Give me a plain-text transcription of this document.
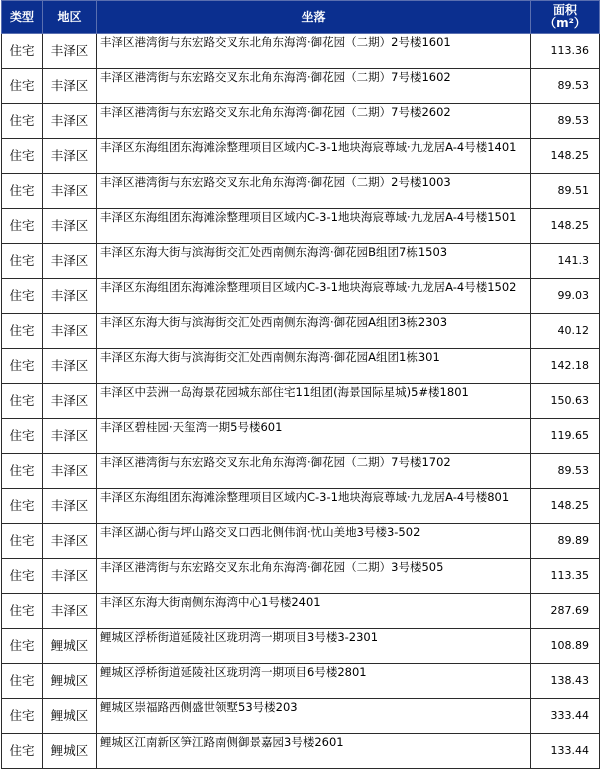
类型	地区	坐落	面积
（m²）

住宅	丰泽区	丰泽区港湾街与东宏路交叉东北角东海湾·御花园（二期）2号楼1601	113.36
住宅	丰泽区	丰泽区港湾街与东宏路交叉东北角东海湾·御花园（二期）7号楼1602	89.53
住宅	丰泽区	丰泽区港湾街与东宏路交叉东北角东海湾·御花园（二期）7号楼2602	89.53
住宅	丰泽区	丰泽区东海组团东海滩涂整理项目区域内C-3-1地块海宸尊域·九龙居A-4号楼1401	148.25
住宅	丰泽区	丰泽区港湾街与东宏路交叉东北角东海湾·御花园（二期）2号楼1003	89.51
住宅	丰泽区	丰泽区东海组团东海滩涂整理项目区域内C-3-1地块海宸尊域·九龙居A-4号楼1501	148.25
住宅	丰泽区	丰泽区东海大街与滨海街交汇处西南侧东海湾·御花园B组团7栋1503	141.3
住宅	丰泽区	丰泽区东海组团东海滩涂整理项目区域内C-3-1地块海宸尊域·九龙居A-4号楼1502	99.03
住宅	丰泽区	丰泽区东海大街与滨海街交汇处西南侧东海湾·御花园A组团3栋2303	40.12
住宅	丰泽区	丰泽区东海大街与滨海街交汇处西南侧东海湾·御花园A组团1栋301	142.18
住宅	丰泽区	丰泽区中芸洲一岛海景花园城东部住宅11组团(海景国际星城)5#楼1801	150.63
住宅	丰泽区	丰泽区碧桂园·天玺湾一期5号楼601	119.65
住宅	丰泽区	丰泽区港湾街与东宏路交叉东北角东海湾·御花园（二期）7号楼1702	89.53
住宅	丰泽区	丰泽区东海组团东海滩涂整理项目区域内C-3-1地块海宸尊域·九龙居A-4号楼801	148.25
住宅	丰泽区	丰泽区湖心街与坪山路交叉口西北侧伟润·忧山美地3号楼3-502	89.89
住宅	丰泽区	丰泽区港湾街与东宏路交叉东北角东海湾·御花园（二期）3号楼505	113.35
住宅	丰泽区	丰泽区东海大街南侧东海湾中心1号楼2401	287.69
住宅	鲤城区	鲤城区浮桥街道延陵社区珑玥湾一期项目3号楼3-2301	108.89
住宅	鲤城区	鲤城区浮桥街道延陵社区珑玥湾一期项目6号楼2801	138.43
住宅	鲤城区	鲤城区崇福路西侧盛世领墅53号楼203	333.44
住宅	鲤城区	鲤城区江南新区笋江路南侧御景嘉园3号楼2601	133.44
